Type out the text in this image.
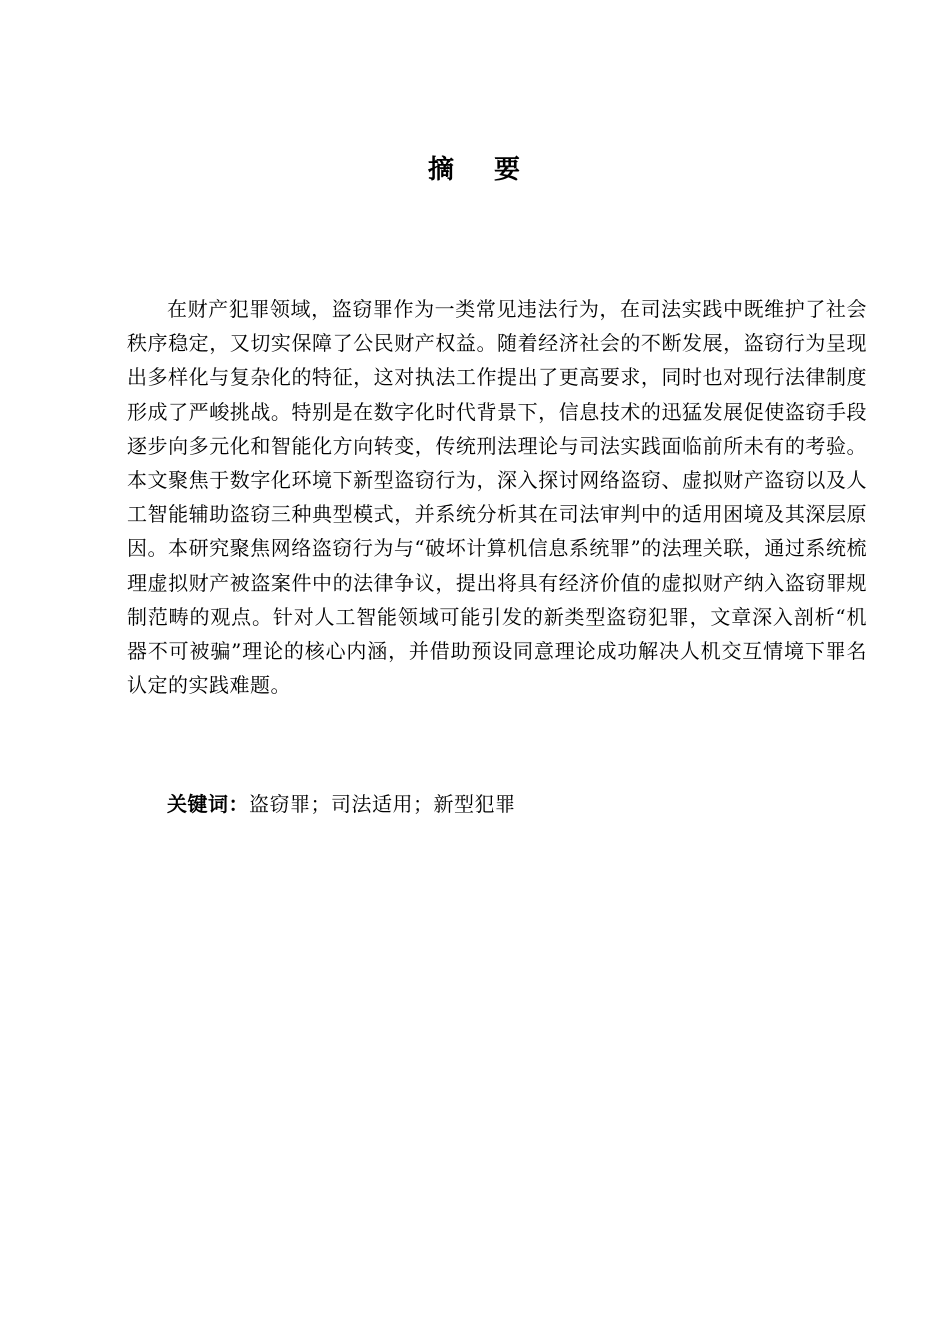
摘 要

在财产犯罪领域，盗窃罪作为一类常见违法行为，在司法实践中既维护了社会秩序稳定，又切实保障了公民财产权益。随着经济社会的不断发展，盗窃行为呈现出多样化与复杂化的特征，这对执法工作提出了更高要求，同时也对现行法律制度形成了严峻挑战。特别是在数字化时代背景下，信息技术的迅猛发展促使盗窃手段逐步向多元化和智能化方向转变，传统刑法理论与司法实践面临前所未有的考验。本文聚焦于数字化环境下新型盗窃行为，深入探讨网络盗窃、虚拟财产盗窃以及人工智能辅助盗窃三种典型模式，并系统分析其在司法审判中的适用困境及其深层原因。本研究聚焦网络盗窃行为与“破坏计算机信息系统罪”的法理关联，通过系统梳理虚拟财产被盗案件中的法律争议，提出将具有经济价值的虚拟财产纳入盗窃罪规制范畴的观点。针对人工智能领域可能引发的新类型盗窃犯罪，文章深入剖析“机器不可被骗”理论的核心内涵，并借助预设同意理论成功解决人机交互情境下罪名认定的实践难题。

关键词：盗窃罪；司法适用；新型犯罪
